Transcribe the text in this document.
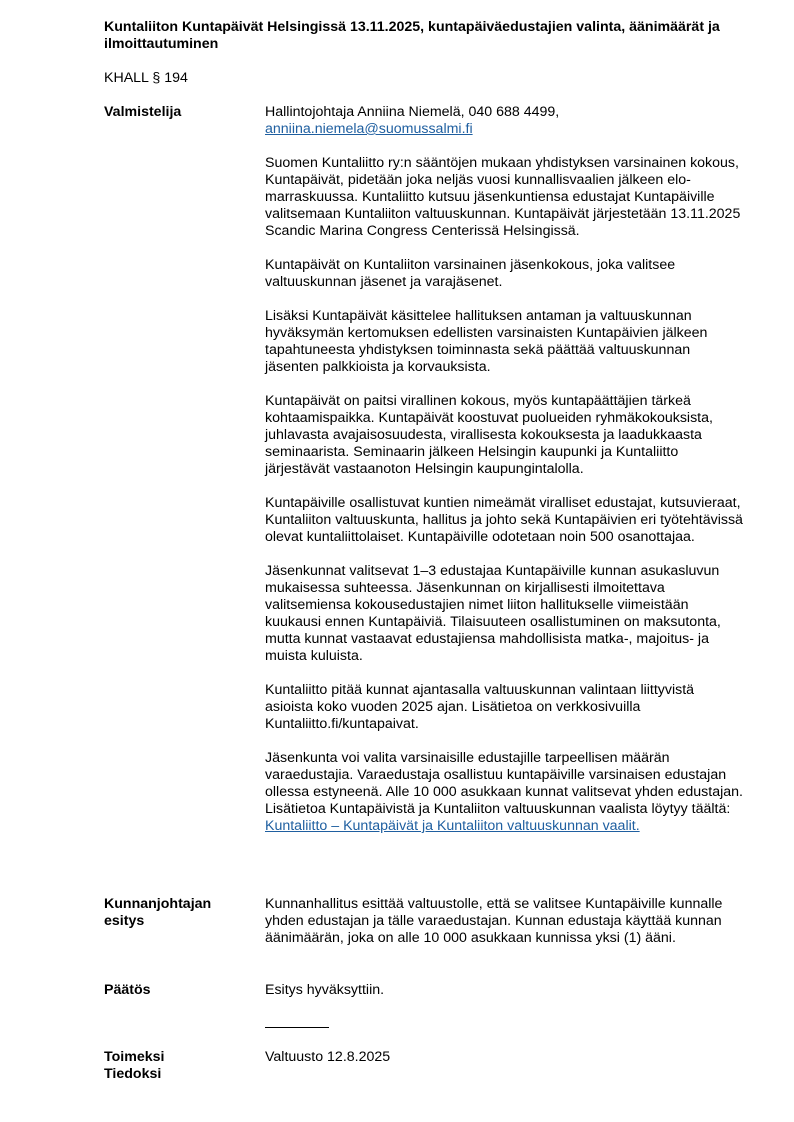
Kuntaliiton Kuntapäivät Helsingissä 13.11.2025, kuntapäiväedustajien valinta, äänimäärät ja ilmoittautuminen
KHALL § 194
Valmistelija	Hallintojohtaja Anniina Niemelä, 040 688 4499,
anniina.niemela@suomussalmi.fi

Suomen Kuntaliitto ry:n sääntöjen mukaan yhdistyksen varsinainen kokous, Kuntapäivät, pidetään joka neljäs vuosi kunnallisvaalien jälkeen elo-marraskuussa. Kuntaliitto kutsuu jäsenkuntiensa edustajat Kuntapäiville valitsemaan Kuntaliiton valtuuskunnan. Kuntapäivät järjestetään 13.11.2025 Scandic Marina Congress Centerissä Helsingissä.

Kuntapäivät on Kuntaliiton varsinainen jäsenkokous, joka valitsee valtuuskunnan jäsenet ja varajäsenet.

Lisäksi Kuntapäivät käsittelee hallituksen antaman ja valtuuskunnan hyväksymän kertomuksen edellisten varsinaisten Kuntapäivien jälkeen tapahtuneesta yhdistyksen toiminnasta sekä päättää valtuuskunnan jäsenten palkkioista ja korvauksista.

Kuntapäivät on paitsi virallinen kokous, myös kuntapäättäjien tärkeä kohtaamispaikka. Kuntapäivät koostuvat puolueiden ryhmäkokouksista, juhlavasta avajaisosuudesta, virallisesta kokouksesta ja laadukkaasta seminaarista. Seminaarin jälkeen Helsingin kaupunki ja Kuntaliitto järjestävät vastaanoton Helsingin kaupungintalolla.

Kuntapäiville osallistuvat kuntien nimeämät viralliset edustajat, kutsuvieraat, Kuntaliiton valtuuskunta, hallitus ja johto sekä Kuntapäivien eri työtehtävissä olevat kuntaliittolaiset. Kuntapäiville odotetaan noin 500 osanottajaa.

Jäsenkunnat valitsevat 1–3 edustajaa Kuntapäiville kunnan asukasluvun mukaisessa suhteessa. Jäsenkunnan on kirjallisesti ilmoitettava valitsemiensa kokousedustajien nimet liiton hallitukselle viimeistään kuukausi ennen Kuntapäiviä. Tilaisuuteen osallistuminen on maksutonta, mutta kunnat vastaavat edustajiensa mahdollisista matka-, majoitus- ja muista kuluista.

Kuntaliitto pitää kunnat ajantasalla valtuuskunnan valintaan liittyvistä asioista koko vuoden 2025 ajan. Lisätietoa on verkkosivuilla Kuntaliitto.fi/kuntapaivat.

Jäsenkunta voi valita varsinaisille edustajille tarpeellisen määrän varaedustajia. Varaedustaja osallistuu kuntapäiville varsinaisen edustajan ollessa estyneenä. Alle 10 000 asukkaan kunnat valitsevat yhden edustajan. Lisätietoa Kuntapäivistä ja Kuntaliiton valtuuskunnan vaalista löytyy täältä: Kuntaliitto – Kuntapäivät ja Kuntaliiton valtuuskunnan vaalit.

Kunnanjohtajan
esitys

Kunnanhallitus esittää valtuustolle, että se valitsee Kuntapäiville kunnalle yhden edustajan ja tälle varaedustajan. Kunnan edustaja käyttää kunnan äänimäärän, joka on alle 10 000 asukkaan kunnissa yksi (1) ääni.

Päätös	Esitys hyväksyttiin.

Toimeksi
Tiedoksi

Valtuusto 12.8.2025
